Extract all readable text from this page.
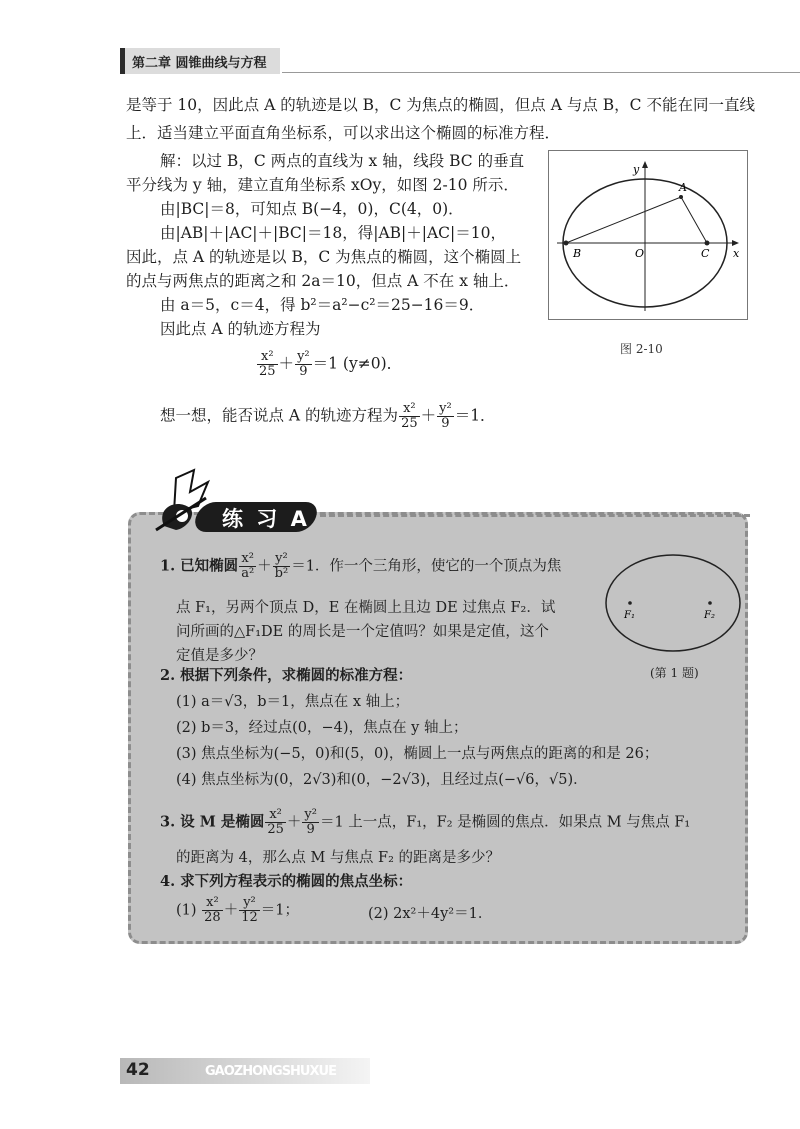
第二章 圆锥曲线与方程
是等于 10，因此点 A 的轨迹是以 B，C 为焦点的椭圆，但点 A 与点 B，C 不能在同一直线
上．适当建立平面直角坐标系，可以求出这个椭圆的标准方程．
解：以过 B，C 两点的直线为 x 轴，线段 BC 的垂直
平分线为 y 轴，建立直角坐标系 xOy，如图 2-10 所示．
由|BC|＝8，可知点 B(−4，0)，C(4，0)．
由|AB|＋|AC|＋|BC|＝18，得|AB|＋|AC|＝10，
因此，点 A 的轨迹是以 B，C 为焦点的椭圆，这个椭圆上
的点与两焦点的距离之和 2a＝10，但点 A 不在 x 轴上．
由 a＝5，c＝4，得 b²＝a²−c²＝25−16＝9．
因此点 A 的轨迹方程为
$\frac{\text{x²}}{25} + \frac{\text{y²}}{9} =1$ (y≠0)．
想一想，能否说点 A 的轨迹方程为 $\frac{\text{x²}}{25} + \frac{\text{y²}}{9} =1$．
y
x
A
B	C
O
图 2-10
练 习 A
1. 已知椭圆 $\frac{\text{x²}}{\text{a²}} + \frac{\text{y²}}{\text{b²}} =1$．作一个三角形，使它的一个顶点为焦
点 F₁，另两个顶点 D，E 在椭圆上且边 DE 过焦点 F₂．试
问所画的△F₁DE 的周长是一个定值吗？如果是定值，这个
定值是多少？
F₁	F₂
(第 1 题)
2. 根据下列条件，求椭圆的标准方程：
(1) a＝√3，b＝1，焦点在 x 轴上；
(2) b＝3，经过点(0，−4)，焦点在 y 轴上；
(3) 焦点坐标为(−5，0)和(5，0)，椭圆上一点与两焦点的距离的和是 26；
(4) 焦点坐标为(0，2√3)和(0，−2√3)，且经过点(−√6，√5)．
3. 设 M 是椭圆 $\frac{\text{x²}}{25} + \frac{\text{y²}}{9} =1$ 上一点，F₁，F₂ 是椭圆的焦点．如果点 M 与焦点 F₁
的距离为 4，那么点 M 与焦点 F₂ 的距离是多少？
4. 求下列方程表示的椭圆的焦点坐标：
$(1) \frac{\text{x²}}{28} + \frac{\text{y²}}{12} =1$；	(2) 2x²＋4y²＝1．
42	GAOZHONGSHUXUE
